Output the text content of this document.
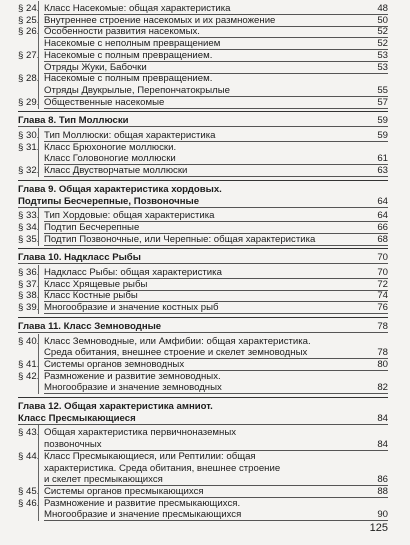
§ 24. Класс Насекомые: общая характеристика	48
§ 25. Внутреннее строение насекомых и их размножение	50
§ 26. Особенности развития насекомых.	52
Насекомые с неполным превращением	52
§ 27. Насекомые с полным превращением.	53
Отряды Жуки, Бабочки	53
§ 28. Насекомые с полным превращением.
Отряды Двукрылые, Перепончатокрылые	55
§ 29. Общественные насекомые	57
Глава 8. Тип Моллюски	59
§ 30. Тип Моллюски: общая характеристика	59
§ 31. Класс Брюхоногие моллюски.
Класс Головоногие моллюски	61
§ 32. Класс Двустворчатые моллюски	63
Глава 9. Общая характеристика хордовых.
Подтипы Бесчерепные, Позвоночные	64
§ 33. Тип Хордовые: общая характеристика	64
§ 34. Подтип Бесчерепные	66
§ 35. Подтип Позвоночные, или Черепные: общая характеристика	68
Глава 10. Надкласс Рыбы	70
§ 36. Надкласс Рыбы: общая характеристика	70
§ 37. Класс Хрящевые рыбы	72
§ 38. Класс Костные рыбы	74
§ 39. Многообразие и значение костных рыб	76
Глава 11. Класс Земноводные	78
§ 40. Класс Земноводные, или Амфибии: общая характеристика.
Среда обитания, внешнее строение и скелет земноводных	78
§ 41. Системы органов земноводных	80
§ 42. Размножение и развитие земноводных.
Многообразие и значение земноводных	82
Глава 12. Общая характеристика амниот.
Класс Пресмыкающиеся	84
§ 43. Общая характеристика первичноназемных
позвоночных	84
§ 44. Класс Пресмыкающиеся, или Рептилии: общая
характеристика. Среда обитания, внешнее строение
и скелет пресмыкающихся	86
§ 45. Системы органов пресмыкающихся	88
§ 46. Размножение и развитие пресмыкающихся.
Многообразие и значение пресмыкающихся	90
125
